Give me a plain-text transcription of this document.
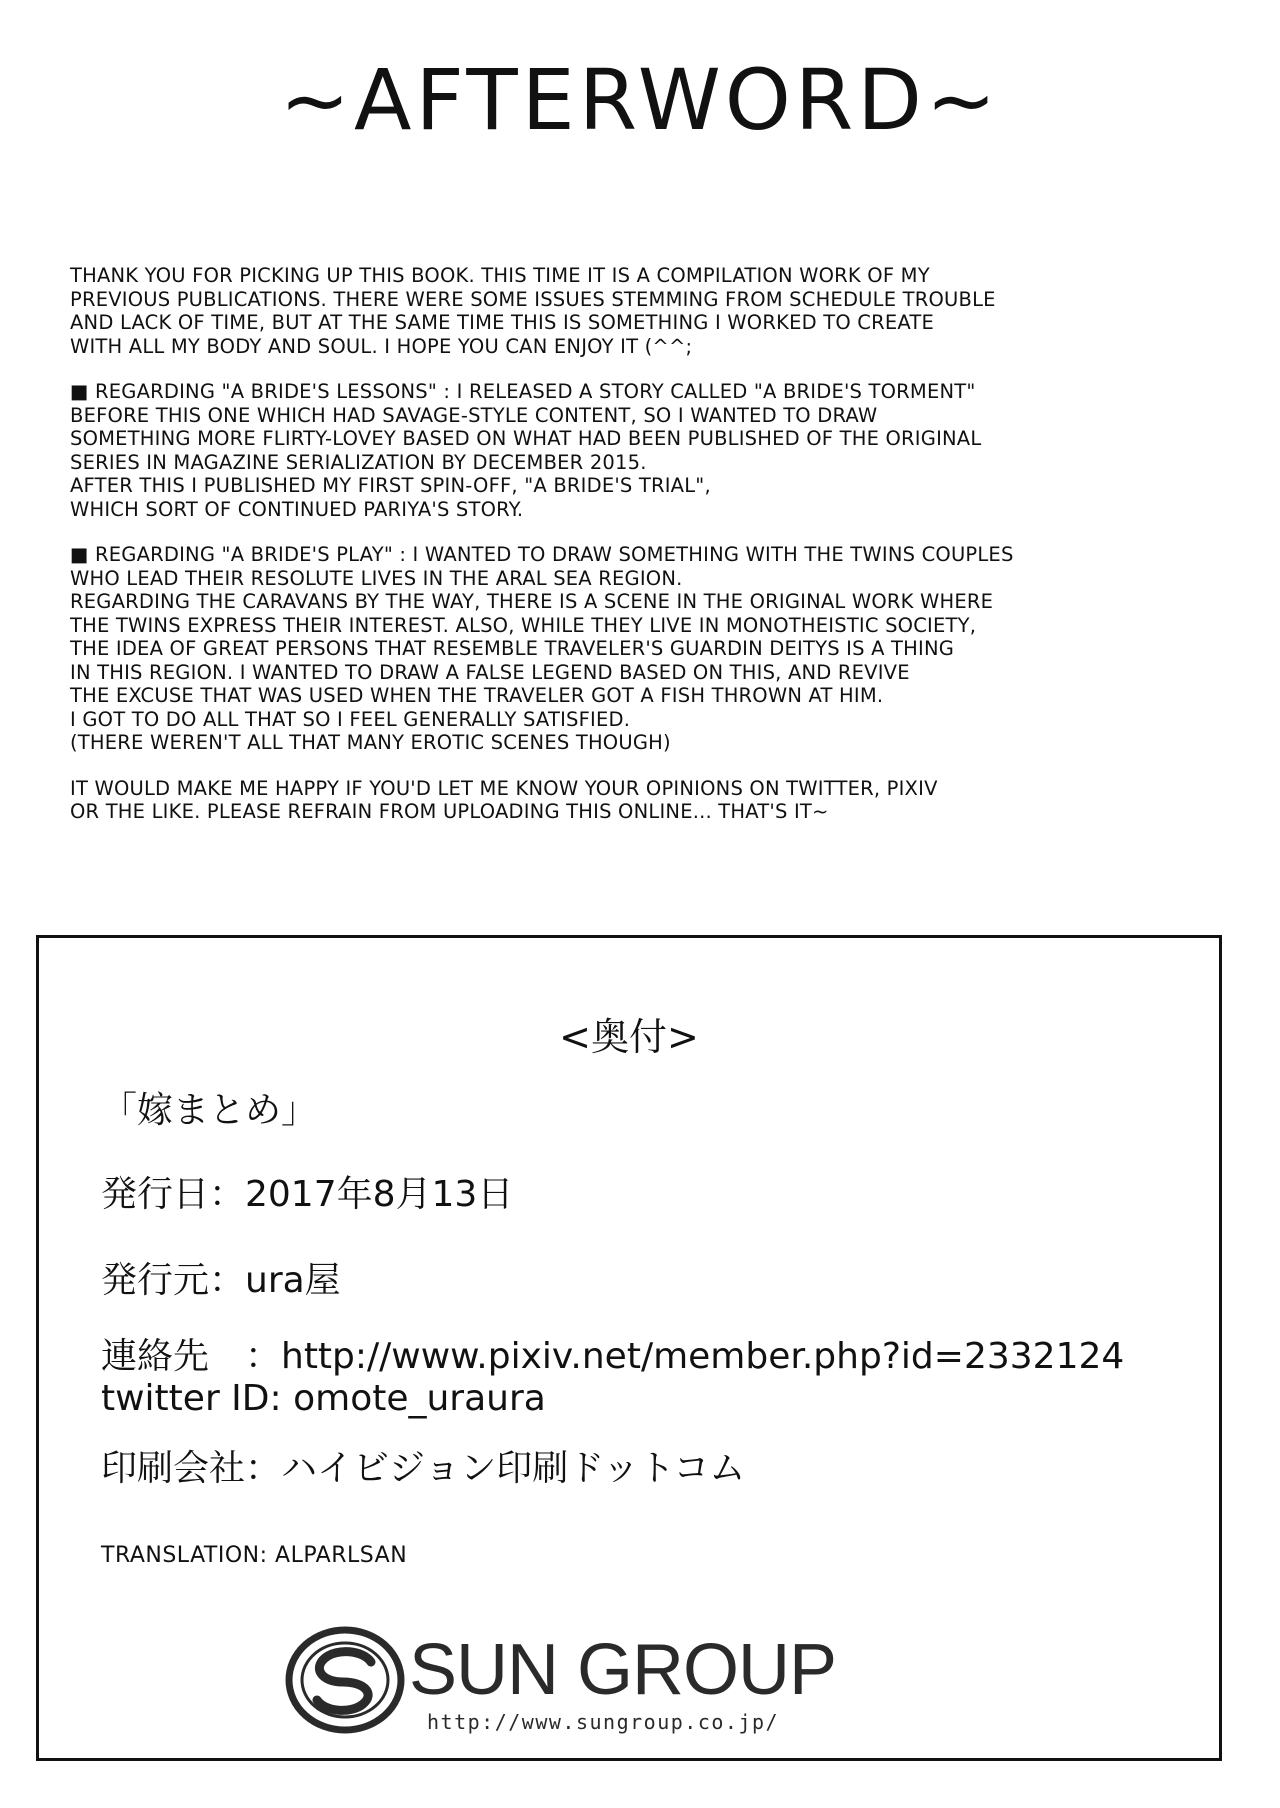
~AFTERWORD~
THANK YOU FOR PICKING UP THIS BOOK. THIS TIME IT IS A COMPILATION WORK OF MY
PREVIOUS PUBLICATIONS. THERE WERE SOME ISSUES STEMMING FROM SCHEDULE TROUBLE
AND LACK OF TIME, BUT AT THE SAME TIME THIS IS SOMETHING I WORKED TO CREATE
WITH ALL MY BODY AND SOUL. I HOPE YOU CAN ENJOY IT (^^;
■ REGARDING "A BRIDE'S LESSONS" : I RELEASED A STORY CALLED "A BRIDE'S TORMENT"
BEFORE THIS ONE WHICH HAD SAVAGE-STYLE CONTENT, SO I WANTED TO DRAW
SOMETHING MORE FLIRTY-LOVEY BASED ON WHAT HAD BEEN PUBLISHED OF THE ORIGINAL
SERIES IN MAGAZINE SERIALIZATION BY DECEMBER 2015.
AFTER THIS I PUBLISHED MY FIRST SPIN-OFF, "A BRIDE'S TRIAL",
WHICH SORT OF CONTINUED PARIYA'S STORY.
■ REGARDING "A BRIDE'S PLAY" : I WANTED TO DRAW SOMETHING WITH THE TWINS COUPLES
WHO LEAD THEIR RESOLUTE LIVES IN THE ARAL SEA REGION.
REGARDING THE CARAVANS BY THE WAY, THERE IS A SCENE IN THE ORIGINAL WORK WHERE
THE TWINS EXPRESS THEIR INTEREST. ALSO, WHILE THEY LIVE IN MONOTHEISTIC SOCIETY,
THE IDEA OF GREAT PERSONS THAT RESEMBLE TRAVELER'S GUARDIN DEITYS IS A THING
IN THIS REGION. I WANTED TO DRAW A FALSE LEGEND BASED ON THIS, AND REVIVE
THE EXCUSE THAT WAS USED WHEN THE TRAVELER GOT A FISH THROWN AT HIM.
I GOT TO DO ALL THAT SO I FEEL GENERALLY SATISFIED.
(THERE WEREN'T ALL THAT MANY EROTIC SCENES THOUGH)
IT WOULD MAKE ME HAPPY IF YOU'D LET ME KNOW YOUR OPINIONS ON TWITTER, PIXIV
OR THE LIKE. PLEASE REFRAIN FROM UPLOADING THIS ONLINE... THAT'S IT~
<奥付>
「嫁まとめ」
発行日：2017年8月13日
発行元：ura屋
連絡先　：http://www.pixiv.net/member.php?id=2332124
twitter ID: omote_uraura
印刷会社：ハイビジョン印刷ドットコム
TRANSLATION: ALPARLSAN
SUN GROUP
http://www.sungroup.co.jp/
